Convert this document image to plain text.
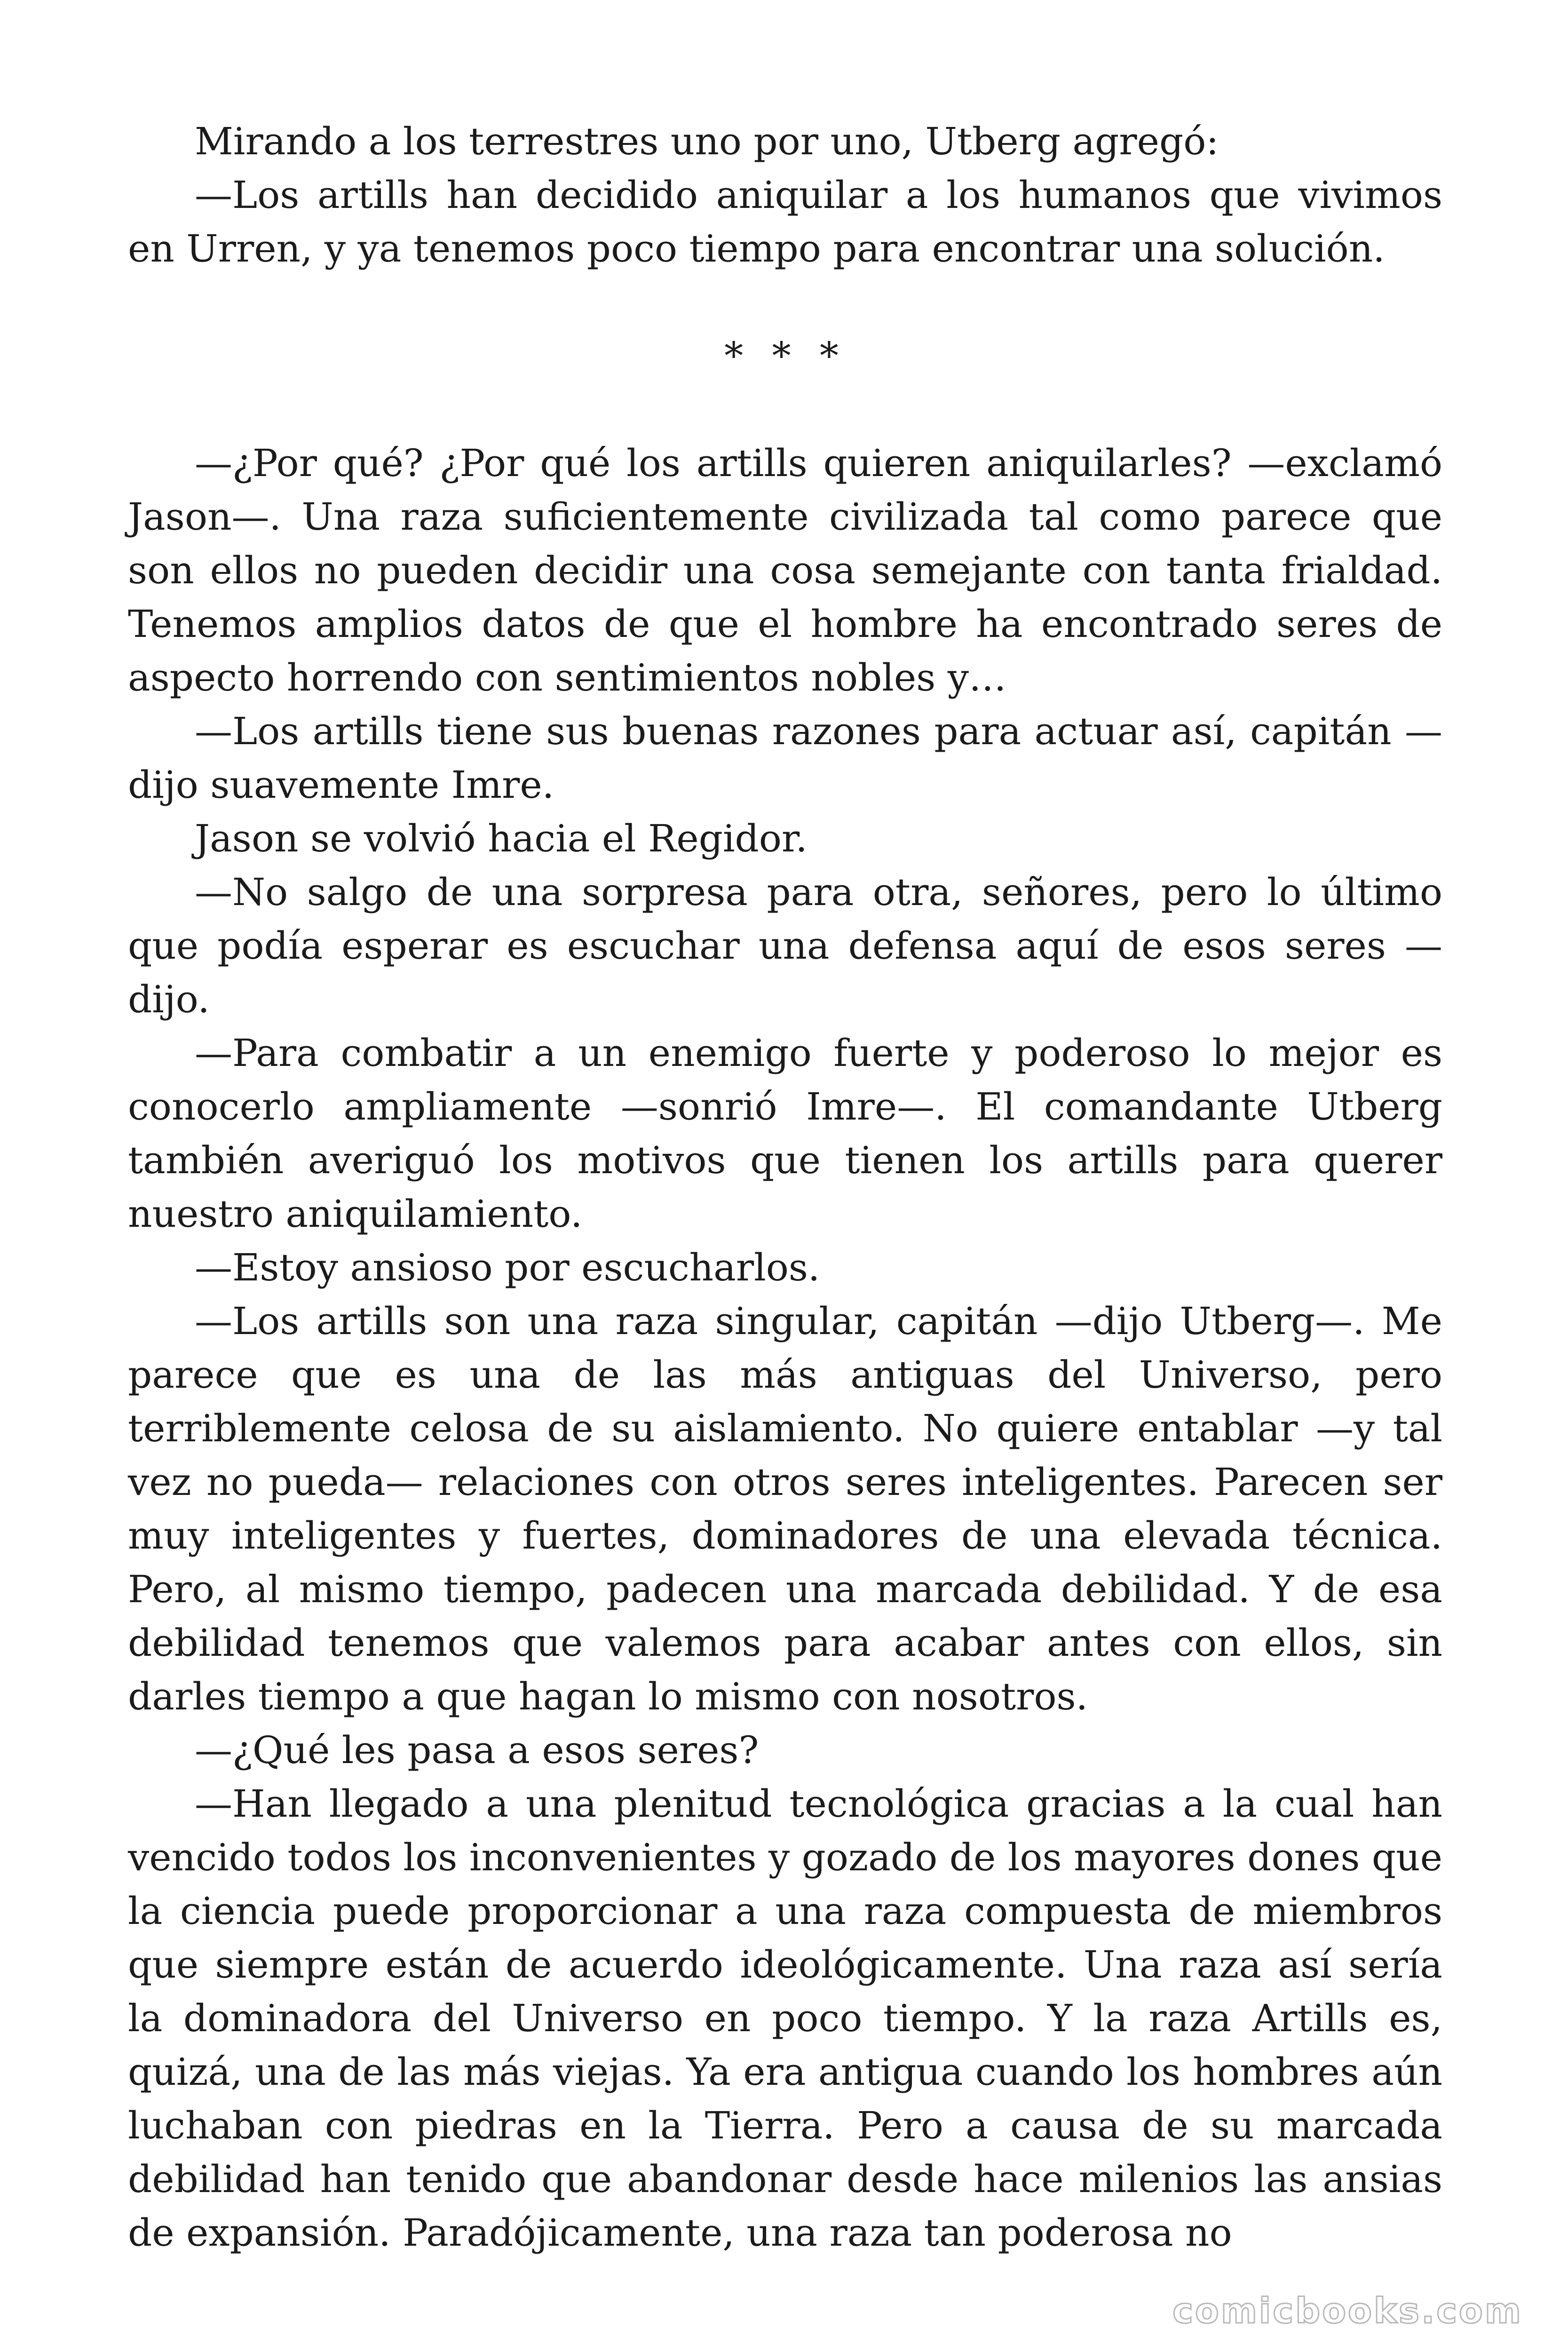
Mirando a los terrestres uno por uno, Utberg agregó:

—Los artills han decidido aniquilar a los humanos que vivimos en Urren, y ya tenemos poco tiempo para encontrar una solución.

* * *

—¿Por qué? ¿Por qué los artills quieren aniquilarles? —exclamó Jason—. Una raza suficientemente civilizada tal como parece que son ellos no pueden decidir una cosa semejante con tanta frialdad. Tenemos amplios datos de que el hombre ha encontrado seres de aspecto horrendo con sentimientos nobles y…

—Los artills tiene sus buenas razones para actuar así, capitán —dijo suavemente Imre.

Jason se volvió hacia el Regidor.

—No salgo de una sorpresa para otra, señores, pero lo último que podía esperar es escuchar una defensa aquí de esos seres —dijo.

—Para combatir a un enemigo fuerte y poderoso lo mejor es conocerlo ampliamente —sonrió Imre—. El comandante Utberg también averiguó los motivos que tienen los artills para querer nuestro aniquilamiento.

—Estoy ansioso por escucharlos.

—Los artills son una raza singular, capitán —dijo Utberg—. Me parece que es una de las más antiguas del Universo, pero terriblemente celosa de su aislamiento. No quiere entablar —y tal vez no pueda— relaciones con otros seres inteligentes. Parecen ser muy inteligentes y fuertes, dominadores de una elevada técnica. Pero, al mismo tiempo, padecen una marcada debilidad. Y de esa debilidad tenemos que valemos para acabar antes con ellos, sin darles tiempo a que hagan lo mismo con nosotros.

—¿Qué les pasa a esos seres?

—Han llegado a una plenitud tecnológica gracias a la cual han vencido todos los inconvenientes y gozado de los mayores dones que la ciencia puede proporcionar a una raza compuesta de miembros que siempre están de acuerdo ideológicamente. Una raza así sería la dominadora del Universo en poco tiempo. Y la raza Artills es, quizá, una de las más viejas. Ya era antigua cuando los hombres aún luchaban con piedras en la Tierra. Pero a causa de su marcada debilidad han tenido que abandonar desde hace milenios las ansias de expansión. Paradójicamente, una raza tan poderosa no

comicbooks.com
